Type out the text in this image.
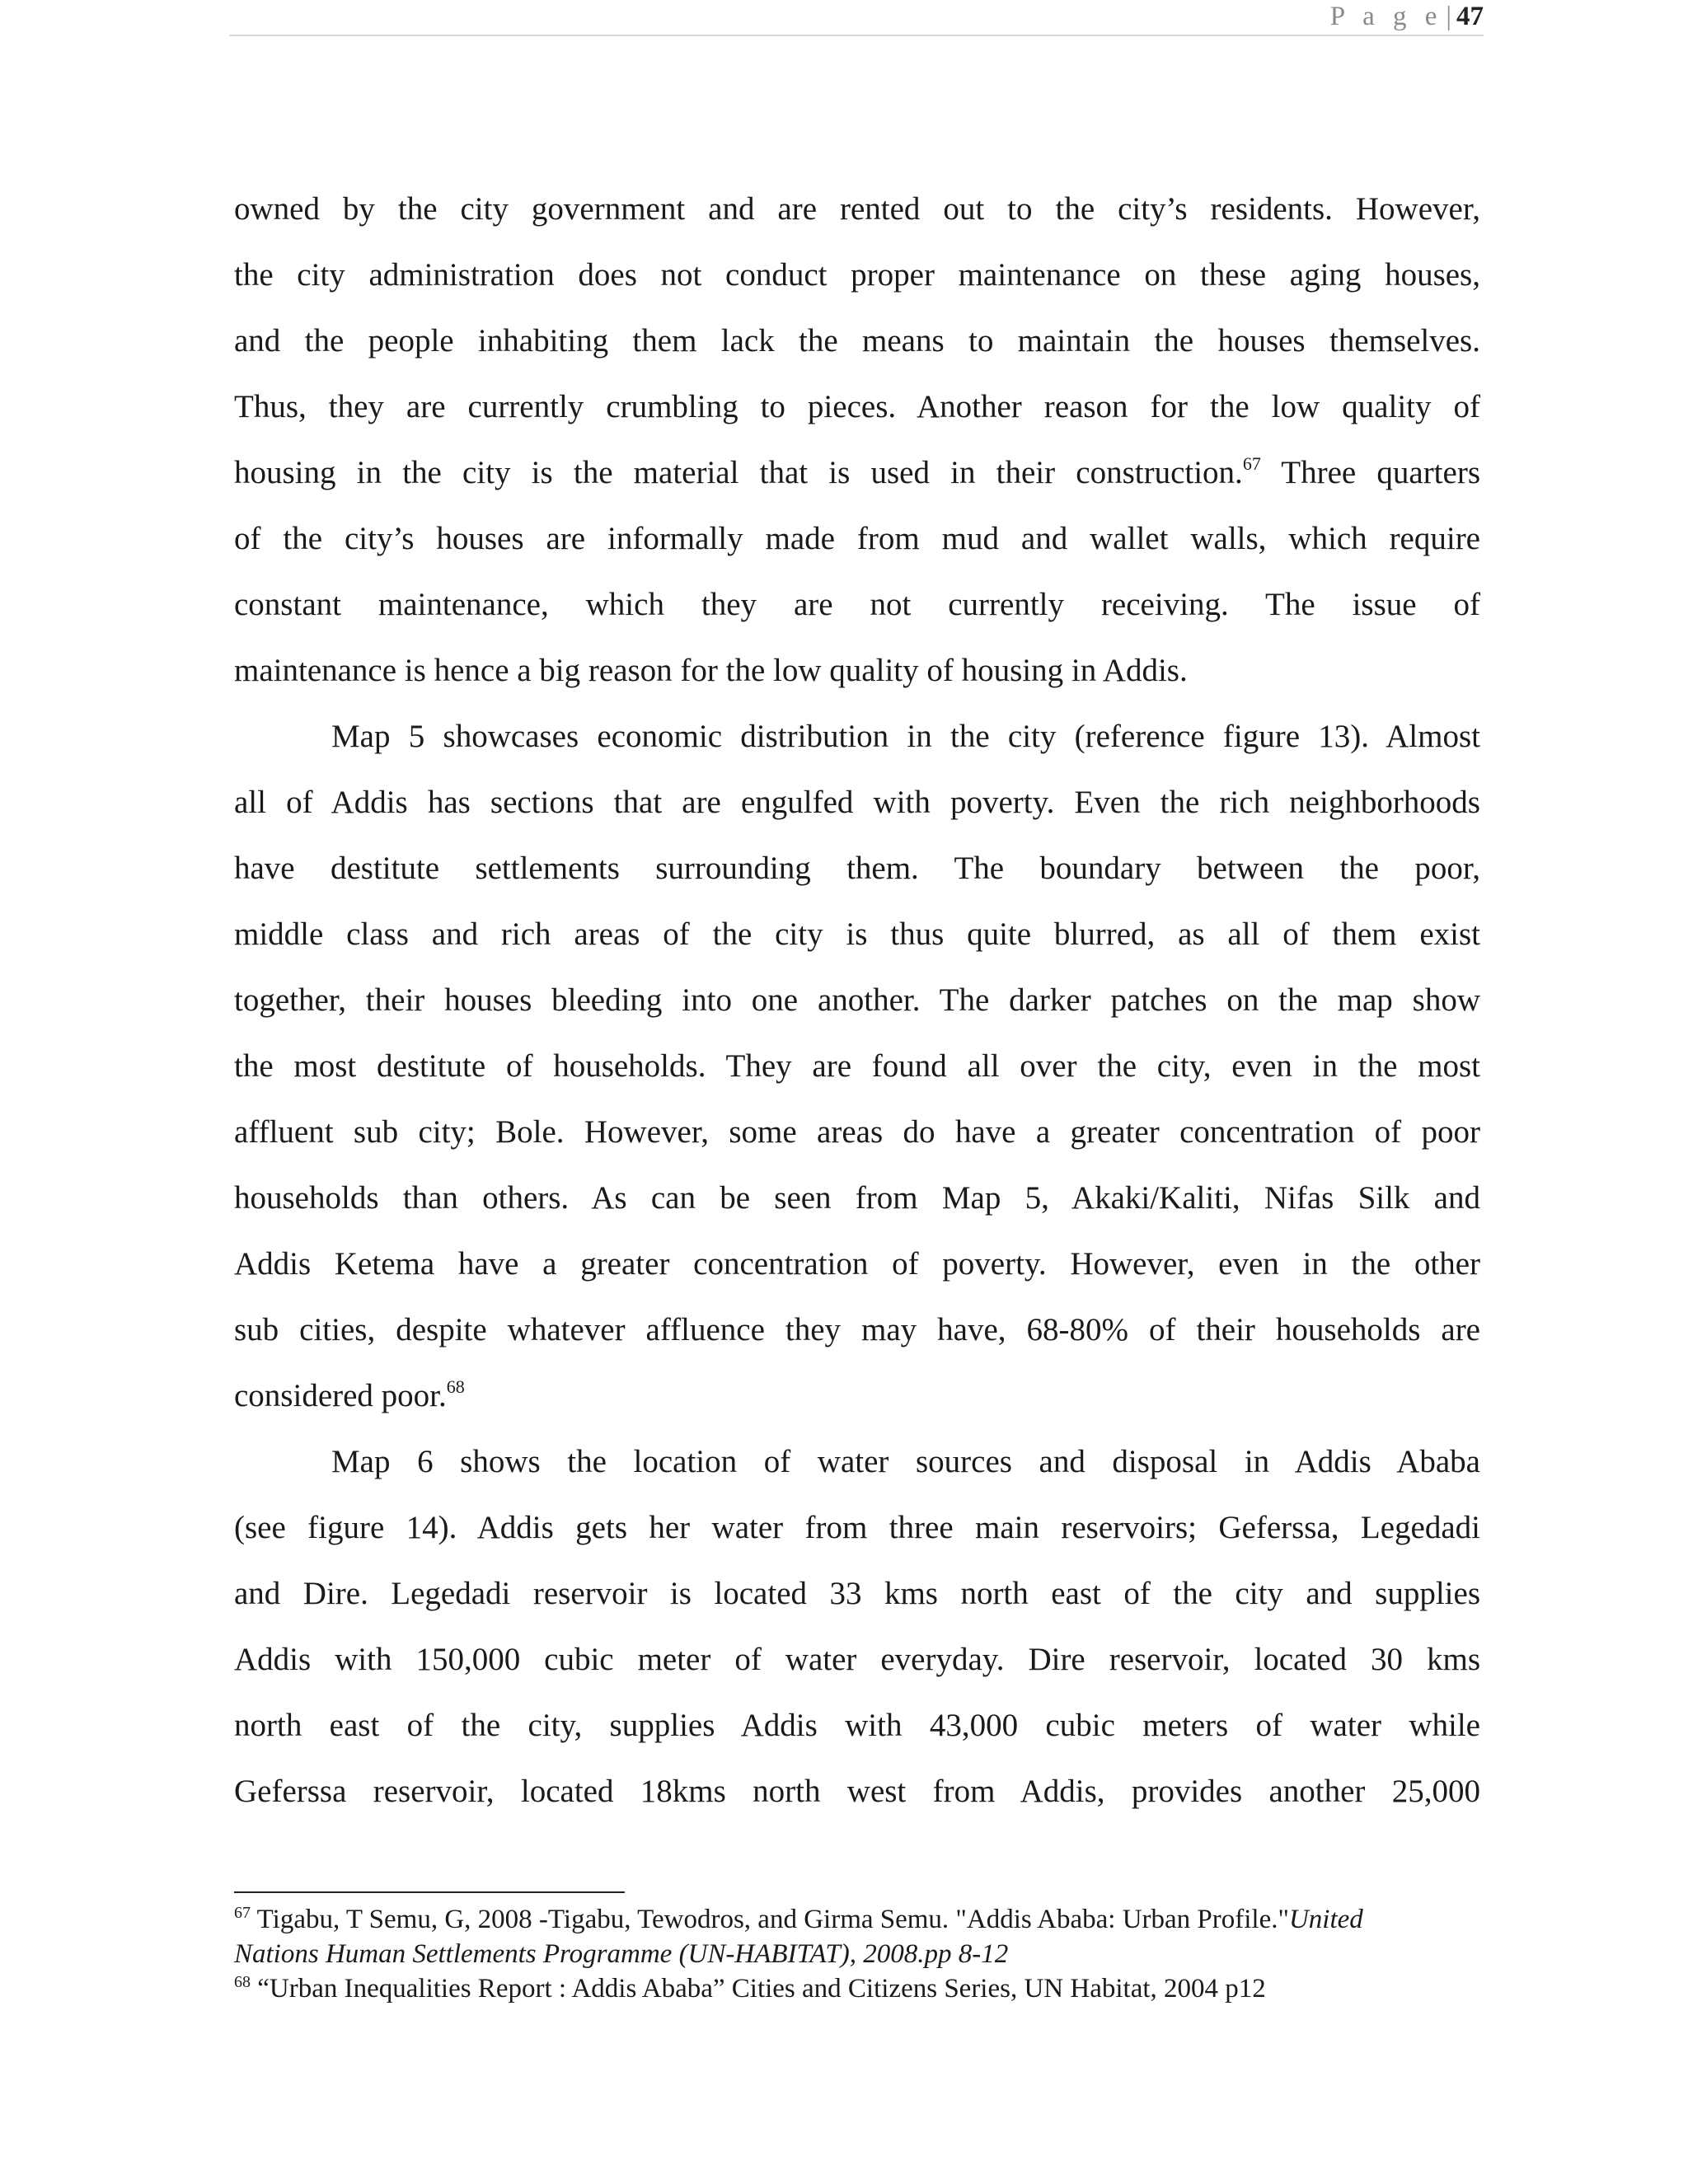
P a g e | 47
owned by the city government and are rented out to the city’s residents. However,
the city administration does not conduct proper maintenance on these aging houses,
and the people inhabiting them lack the means to maintain the houses themselves.
Thus, they are currently crumbling to pieces. Another reason for the low quality of
housing in the city is the material that is used in their construction.$^{67}$ Three quarters
of the city’s houses are informally made from mud and wallet walls, which require
constant maintenance, which they are not currently receiving. The issue of
maintenance is hence a big reason for the low quality of housing in Addis.
Map 5 showcases economic distribution in the city (reference figure 13). Almost
all of Addis has sections that are engulfed with poverty. Even the rich neighborhoods
have destitute settlements surrounding them. The boundary between the poor,
middle class and rich areas of the city is thus quite blurred, as all of them exist
together, their houses bleeding into one another. The darker patches on the map show
the most destitute of households. They are found all over the city, even in the most
affluent sub city; Bole. However, some areas do have a greater concentration of poor
households than others. As can be seen from Map 5, Akaki/Kaliti, Nifas Silk and
Addis Ketema have a greater concentration of poverty. However, even in the other
sub cities, despite whatever affluence they may have, 68-80% of their households are
considered poor.$^{68}$
Map 6 shows the location of water sources and disposal in Addis Ababa
(see figure 14). Addis gets her water from three main reservoirs; Geferssa, Legedadi
and Dire. Legedadi reservoir is located 33 kms north east of the city and supplies
Addis with 150,000 cubic meter of water everyday. Dire reservoir, located 30 kms
north east of the city, supplies Addis with 43,000 cubic meters of water while
Geferssa reservoir, located 18kms north west from Addis, provides another 25,000
$^{67}$ Tigabu, T Semu, G, 2008 -Tigabu, Tewodros, and Girma Semu. "Addis Ababa: Urban Profile."United
Nations Human Settlements Programme (UN-HABITAT), 2008.pp 8-12
$^{68}$ “Urban Inequalities Report : Addis Ababa” Cities and Citizens Series, UN Habitat, 2004 p12
